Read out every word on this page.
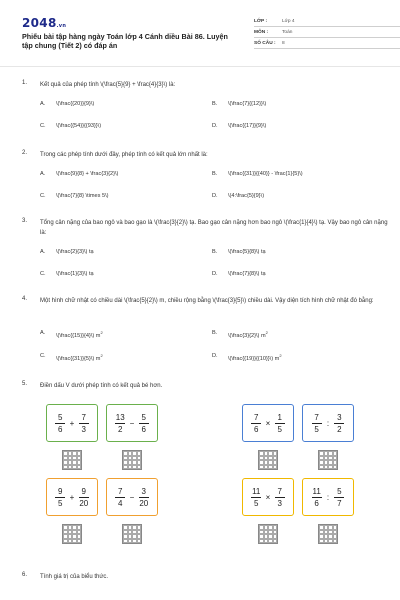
2048.vn
Phiếu bài tập hàng ngày Toán lớp 4 Cánh diều Bài 86. Luyện tập chung (Tiết 2) có đáp án
LỚP :	Lớp 4
MÔN :	Toán
SỐ CÂU :	8
1.	Kết quả của phép tính \(\frac{5}{9} + \frac{4}{3}\) là:
A.	\(\frac{{20}}{9}\)	B.	\(\frac{7}{{12}}\)
C.	\(\frac{{54}}{{93}}\)	D.	\(\frac{{17}}{9}\)
2.	Trong các phép tính dưới đây, phép tính có kết quả lớn nhất là:
A.	\(\frac{9}{8} + \frac{3}{2}\)	B.	\(\frac{{31}}{{40}} - \frac{1}{5}\)
C.	\(\frac{7}{8} \times 5\)	D.	\(4:\frac{5}{9}\)
3.	Tổng cân nặng của bao ngô và bao gạo là \(\frac{3}{2}\) tạ. Bao gạo cân nặng hơn bao ngô \(\frac{1}{4}\) tạ. Vậy bao ngô cân nặng là:
A.	\(\frac{2}{3}\) tạ	B.	\(\frac{5}{8}\) tạ
C.	\(\frac{1}{3}\) tạ	D.	\(\frac{7}{8}\) tạ
4.	Một hình chữ nhật có chiều dài \(\frac{5}{2}\) m, chiều rộng bằng \(\frac{3}{5}\) chiều dài. Vậy diện tích hình chữ nhật đó bằng:
A.	\(\frac{{15}}{4}\) $m^2$	B.	\(\frac{3}{2}\) $m^2$
C.	\(\frac{{31}}{5}\) $m^2$	D.	\(\frac{{19}}{{10}}\) $m^2$
5.	Điền dấu V dưới phép tính có kết quả bé hơn.
5
6
+
7
3
13
2
−
5
6
7
6
×
1
5
7
5
:
3
2
9
5
+
9
20
7
4
−
3
20
11
5
×
7
3
11
6
:
5
7
6.	Tính giá trị của biểu thức.
